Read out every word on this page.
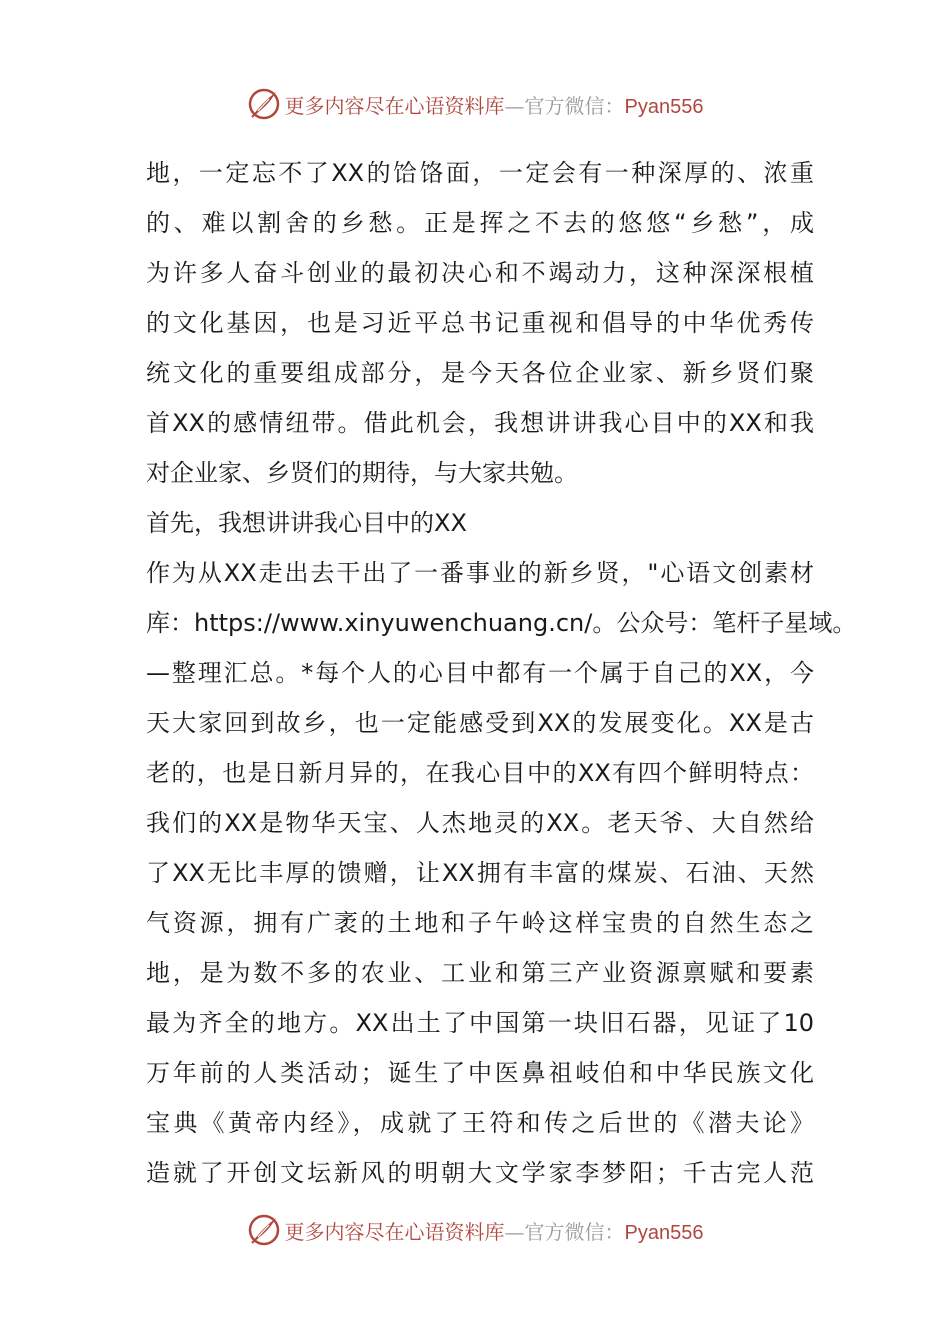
更多内容尽在心语资料库—官方微信：Pyan556
地，一定忘不了XX的饸饹面，一定会有一种深厚的、浓重
的、难以割舍的乡愁。正是挥之不去的悠悠“乡愁”，成
为许多人奋斗创业的最初决心和不竭动力，这种深深根植
的文化基因，也是习近平总书记重视和倡导的中华优秀传
统文化的重要组成部分，是今天各位企业家、新乡贤们聚
首XX的感情纽带。借此机会，我想讲讲我心目中的XX和我
对企业家、乡贤们的期待，与大家共勉。
首先，我想讲讲我心目中的XX
作为从XX走出去干出了一番事业的新乡贤，"心语文创素材
库：https://www.xinyuwenchuang.cn/。公众号：笔杆子星域。
—整理汇总。*每个人的心目中都有一个属于自己的XX，今
天大家回到故乡，也一定能感受到XX的发展变化。XX是古
老的，也是日新月异的，在我心目中的XX有四个鲜明特点：
我们的XX是物华天宝、人杰地灵的XX。老天爷、大自然给
了XX无比丰厚的馈赠，让XX拥有丰富的煤炭、石油、天然
气资源，拥有广袤的土地和子午岭这样宝贵的自然生态之
地，是为数不多的农业、工业和第三产业资源禀赋和要素
最为齐全的地方。XX出土了中国第一块旧石器，见证了10
万年前的人类活动；诞生了中医鼻祖岐伯和中华民族文化
宝典《黄帝内经》，成就了王符和传之后世的《潜夫论》
造就了开创文坛新风的明朝大文学家李梦阳；千古完人范
更多内容尽在心语资料库—官方微信：Pyan556
